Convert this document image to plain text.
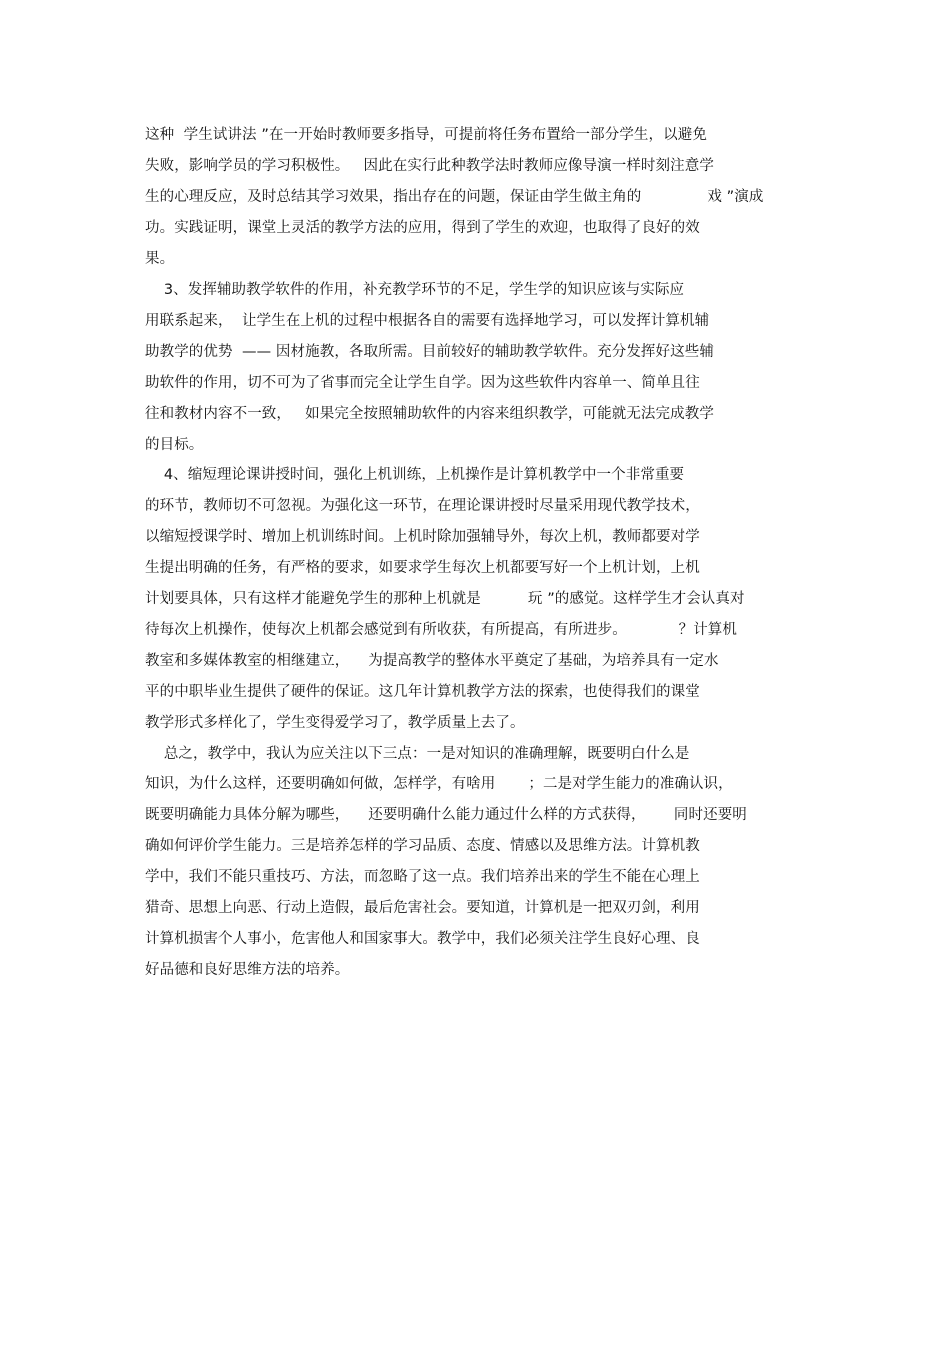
这种  学生试讲法 ”在一开始时教师要多指导，可提前将任务布置给一部分学生，以避免
失败，影响学员的学习积极性。   因此在实行此种教学法时教师应像导演一样时刻注意学
生的心理反应，及时总结其学习效果，指出存在的问题，保证由学生做主角的              戏 ”演成
功。实践证明，课堂上灵活的教学方法的应用，得到了学生的欢迎，也取得了良好的效
果。
3、发挥辅助教学软件的作用，补充教学环节的不足，学生学的知识应该与实际应
用联系起来，  让学生在上机的过程中根据各自的需要有选择地学习，可以发挥计算机辅
助教学的优势  —— 因材施教，各取所需。目前较好的辅助教学软件。充分发挥好这些辅
助软件的作用，切不可为了省事而完全让学生自学。因为这些软件内容单一、简单且往
往和教材内容不一致，   如果完全按照辅助软件的内容来组织教学，可能就无法完成教学
的目标。
4、缩短理论课讲授时间，强化上机训练，上机操作是计算机教学中一个非常重要
的环节，教师切不可忽视。为强化这一环节，在理论课讲授时尽量采用现代教学技术，
以缩短授课学时、增加上机训练时间。上机时除加强辅导外，每次上机，教师都要对学
生提出明确的任务，有严格的要求，如要求学生每次上机都要写好一个上机计划，上机
计划要具体，只有这样才能避免学生的那种上机就是          玩 ”的感觉。这样学生才会认真对
待每次上机操作，使每次上机都会感觉到有所收获，有所提高，有所进步。           ？计算机
教室和多媒体教室的相继建立，    为提高教学的整体水平奠定了基础，为培养具有一定水
平的中职毕业生提供了硬件的保证。这几年计算机教学方法的探索，也使得我们的课堂
教学形式多样化了，学生变得爱学习了，教学质量上去了。
总之，教学中，我认为应关注以下三点：一是对知识的准确理解，既要明白什么是
知识，为什么这样，还要明确如何做，怎样学，有啥用       ；二是对学生能力的准确认识，
既要明确能力具体分解为哪些，    还要明确什么能力通过什么样的方式获得，      同时还要明
确如何评价学生能力。三是培养怎样的学习品质、态度、情感以及思维方法。计算机教
学中，我们不能只重技巧、方法，而忽略了这一点。我们培养出来的学生不能在心理上
猎奇、思想上向恶、行动上造假，最后危害社会。要知道，计算机是一把双刃剑，利用
计算机损害个人事小，危害他人和国家事大。教学中，我们必须关注学生良好心理、良
好品德和良好思维方法的培养。
